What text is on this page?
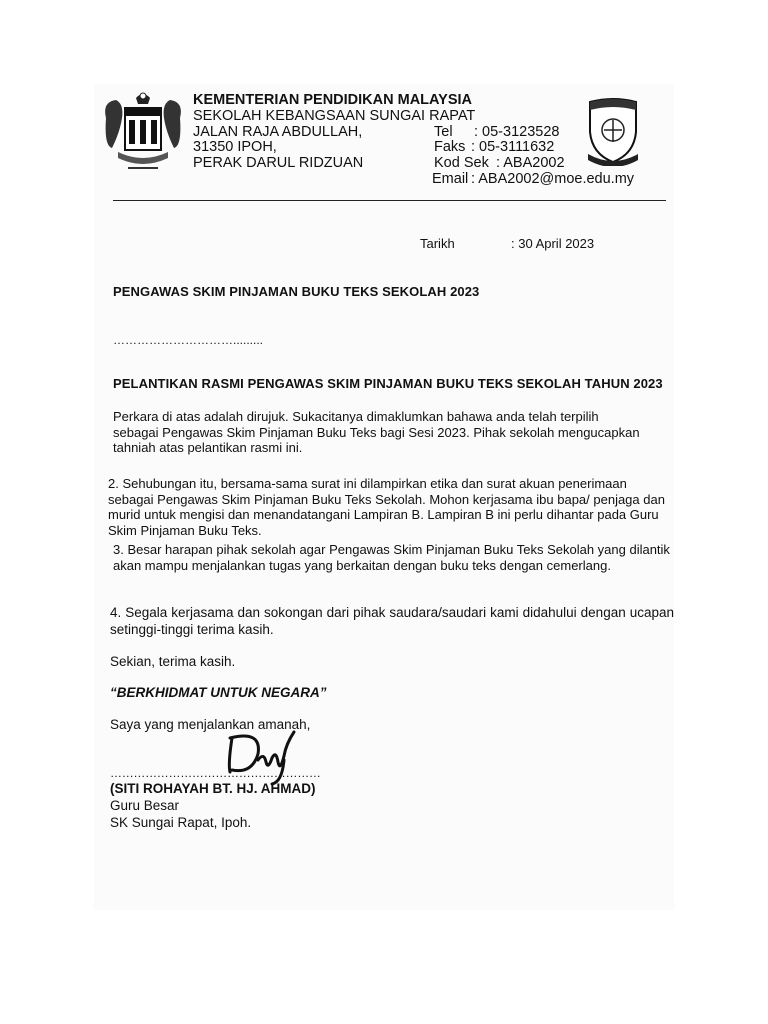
KEMENTERIAN PENDIDIKAN MALAYSIA
SEKOLAH KEBANGSAAN SUNGAI RAPAT
JALAN RAJA ABDULLAH,
31350 IPOH,
PERAK DARUL RIDZUAN
Tel : 05-3123528
Faks : 05-3111632
Kod Sek : ABA2002
Email : ABA2002@moe.edu.my
Tarikh	: 30 April 2023
PENGAWAS SKIM PINJAMAN BUKU TEKS SEKOLAH 2023
………………………….........
PELANTIKAN RASMI PENGAWAS SKIM PINJAMAN BUKU TEKS SEKOLAH TAHUN 2023
Perkara di atas adalah dirujuk. Sukacitanya dimaklumkan bahawa anda telah terpilih sebagai Pengawas Skim Pinjaman Buku Teks bagi Sesi 2023. Pihak sekolah mengucapkan tahniah atas pelantikan rasmi ini.
2. Sehubungan itu, bersama-sama surat ini dilampirkan etika dan surat akuan penerimaan sebagai Pengawas Skim Pinjaman Buku Teks Sekolah. Mohon kerjasama ibu bapa/ penjaga dan murid untuk mengisi dan menandatangani Lampiran B. Lampiran B ini perlu dihantar pada Guru Skim Pinjaman Buku Teks.
3. Besar harapan pihak sekolah agar Pengawas Skim Pinjaman Buku Teks Sekolah yang dilantik akan mampu menjalankan tugas yang berkaitan dengan buku teks dengan cemerlang.
4. Segala kerjasama dan sokongan dari pihak saudara/saudari kami didahului dengan ucapan setinggi-tinggi terima kasih.
Sekian, terima kasih.
“BERKHIDMAT UNTUK NEGARA”
Saya yang menjalankan amanah,
………………………………………………
(SITI ROHAYAH BT. HJ. AHMAD)
Guru Besar
SK Sungai Rapat, Ipoh.
